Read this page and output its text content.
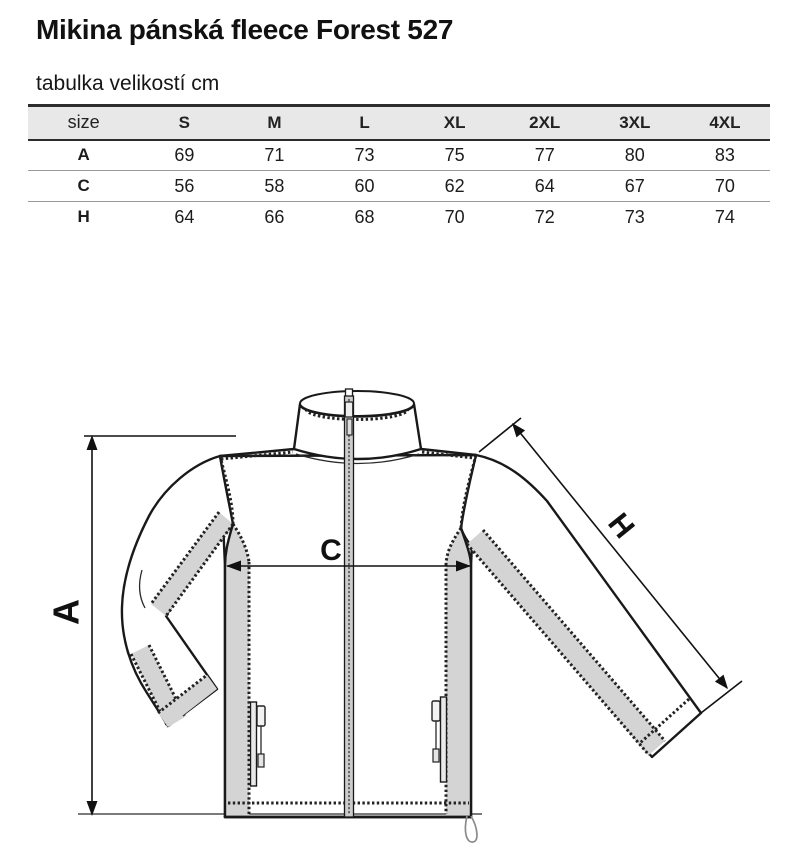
Mikina pánská fleece Forest 527
tabulka velikostí cm
size	S	M	L	XL	2XL	3XL	4XL
A	69	71	73	75	77	80	83
C	56	58	60	62	64	67	70
H	64	66	68	70	72	73	74
A
C
H
